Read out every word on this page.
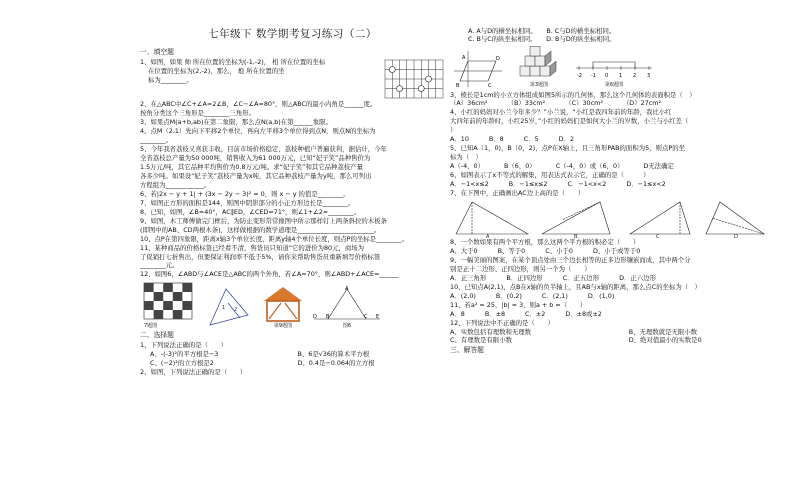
七年级下 数学期考复习练习（二）
一、填空题

1、如图，如果 帅 所在位置的坐标为(-1,-2)， 相 所在位置的坐标

在位置的坐标为(2,-2)，那么， 炮 所在位置的坐

标为________。

2、在△ABC中∠C+∠A=2∠B，∠C−∠A=80°，则△ABC的最小内角是______度。

按角分类这个三角形是________三角形。

3、如果点M(a+b,ab)在第二象限，那么点N(a,b)在第______象限。

4、点M（2,1）先向下平移2个单位，再向左平移3个单位得到点N，则点N的坐标为

________。

5、今年我省荔枝又喜获丰收，目前市场价格稳定，荔枝种植户普遍获利，据估计，今年

全省荔枝总产量为50 000吨，销售收入为61 000万元，已知“妃子笑”品种售价为

1.5万元/吨，其它品种平均售价为0.8万元/吨。求“妃子笑”和其它品种荔枝产量

各多少吨。如果设“妃子笑”荔枝产量为x吨，其它品种荔枝产量为y吨，那么可列出

方程组为____________。

6、若|2x − y + 1| + (3x − 2y − 3)² = 0，则 x − y 的值是________。

7、如图正方形的面积是144，则图中阴影部分的小正方形边长是________。

8、已知，如图，∠B=40°，AC∥ED，∠CED=71°，则∠1+∠2=________。

9、如图，木工师傅做完门框后，为防止变形常常像图中所示那样钉上两条斜拉的木板条

(即图中的AB、CD两根木条)，这样做根据的数学道理是________________________。

10、点P在第四象限，距离x轴3个单位长度，距离y轴4个单位长度，则点P的坐标是________。

11、某种商品的价格标签已经看不清，售货员只知道“它的进价为80元，商场为

了促销打七折售出，但要保证利润率不低于5%，请你来帮助售货员重新填写价格标签

________元。

12、如图6，∠ABD与∠ACE是△ABC的两个外角，若∠A=70°，则∠ABD+∠ACE=______

7题图
1 2
第9题图
A
D B	C E
图6
二、选择题

1、下列说法正确的是（　　）

A、-(-3)²的平方根是−3	B、6是√36的算术平方根
C、(−2)²的立方根是2	D、0.4是−0.064的立方根

2、如图，下列说法正确的是（　　）

A. A与D的横坐标相同。　　B. C与D的横坐标相同。

C. B与C的纵坐标相同。　　D. B与D的纵坐标相同。

B	C
D
A
第3题图
-2 -1 0 1 2 3
第6题图

3、棱长是1cm的小立方体组成如图5所示的几何体，那么这个几何体的表面积是（　）

（A）36cm²	（B）33cm²	（C）30cm²	（D）27cm²

4、小红的妈妈对小兰今年多少？”小兰说，“小红是我四年前的年龄，我比小红

大四年前的年龄时，小红25岁，”小红的妈妈们是如何大小兰的岁数，小兰与小红差（

）

A．10	B．8	C．5	D．2

5、已知A（1，0)，B（0，2)，点P在X轴上，且三角形PAB的面积为5，则点P的坐

标为（　）

A（-4，0）	B（6，0）	C（-4，0）或（6，0）	D无法确定

6、如图表示了x不等式的解集，用表达式表示它，正确的是（　　　）

A．−1<x≤2	B．−1≤x≤2	C．−1<x<2	D．−1≤x<2

7、在下图中，正确画出AC边上高的是（　　）

A	B	C	D

8、一个数如果有两个平方根，那么这两个平方根的积必定（　　）

A、大于0	B、等于0	C、小于0	D、小于或等于0

9、一幅美丽的图案，在某个顶点处由三个边长相等的正多边形镶嵌而成，其中两个分

别是正十二边形、正四边形，则另一个为（　　）

A．正三角形	B．正四边形	C．正五边形	D．正六边形

10、已知点A(2,1)，点B在x轴的负半轴上，且AB与x轴的距离，那么点C的坐标为（　）

A．(2,0)	B．(0,2)	C．(2,1)	D．(1,0)

11、若a² = 25，|b| = 3，则a + b =（　　）

A．8	B．±8	C．±2	D．±8或±2

12、下列说法中不正确的是（　　）

A、实数包括有理数和无理数	B、无理数就是无限小数
C、有理数是有限小数	D、绝对值最小的实数是0
三、解答题
